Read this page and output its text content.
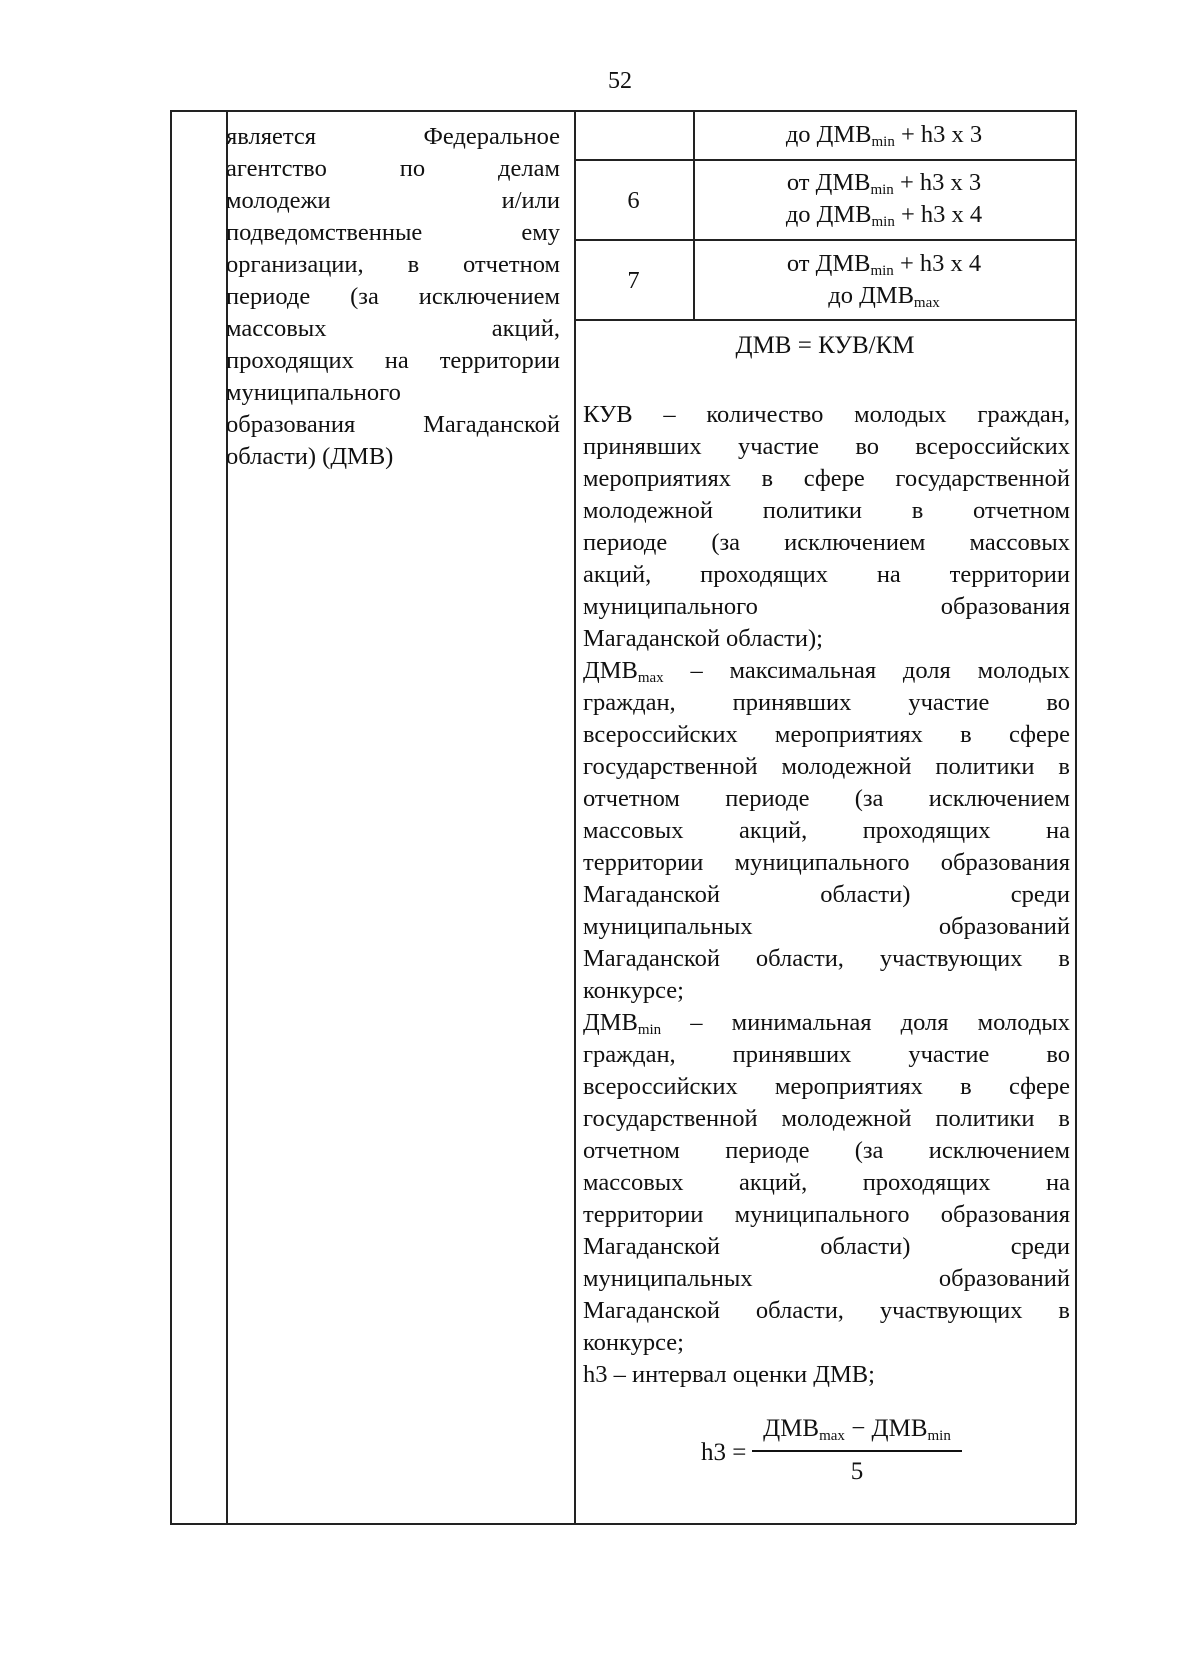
52
является Федеральное
агентство по делам
молодежи и/или
подведомственные ему
организации, в отчетном
периоде (за исключением
массовых акций,
проходящих на территории
муниципального
образования Магаданской
области) (ДМВ)
до $ДМВ_{min} + h3$ x 3
6
от $ДМВ_{min} + h3$ x 3
до $ДМВ_{min} + h3$ x 4
7
от $ДМВ_{min} + h3$ x 4
до $ДМВ_{max}$
ДМВ = КУВ/КМ
КУВ – количество молодых граждан,
принявших участие во всероссийских
мероприятиях в сфере государственной
молодежной политики в отчетном
периоде (за исключением массовых
акций, проходящих на территории
муниципального образования
Магаданской области);
$ДМВ_{max}$ – максимальная доля молодых
граждан, принявших участие во
всероссийских мероприятиях в сфере
государственной молодежной политики в
отчетном периоде (за исключением
массовых акций, проходящих на
территории муниципального образования
Магаданской области) среди
муниципальных образований
Магаданской области, участвующих в
конкурсе;
$ДМВ_{min}$ – минимальная доля молодых
граждан, принявших участие во
всероссийских мероприятиях в сфере
государственной молодежной политики в
отчетном периоде (за исключением
массовых акций, проходящих на
территории муниципального образования
Магаданской области) среди
муниципальных образований
Магаданской области, участвующих в
конкурсе;
h3 – интервал оценки ДМВ;
h3 =
$ДМВ_{max} - ДМВ_{min}$
5
